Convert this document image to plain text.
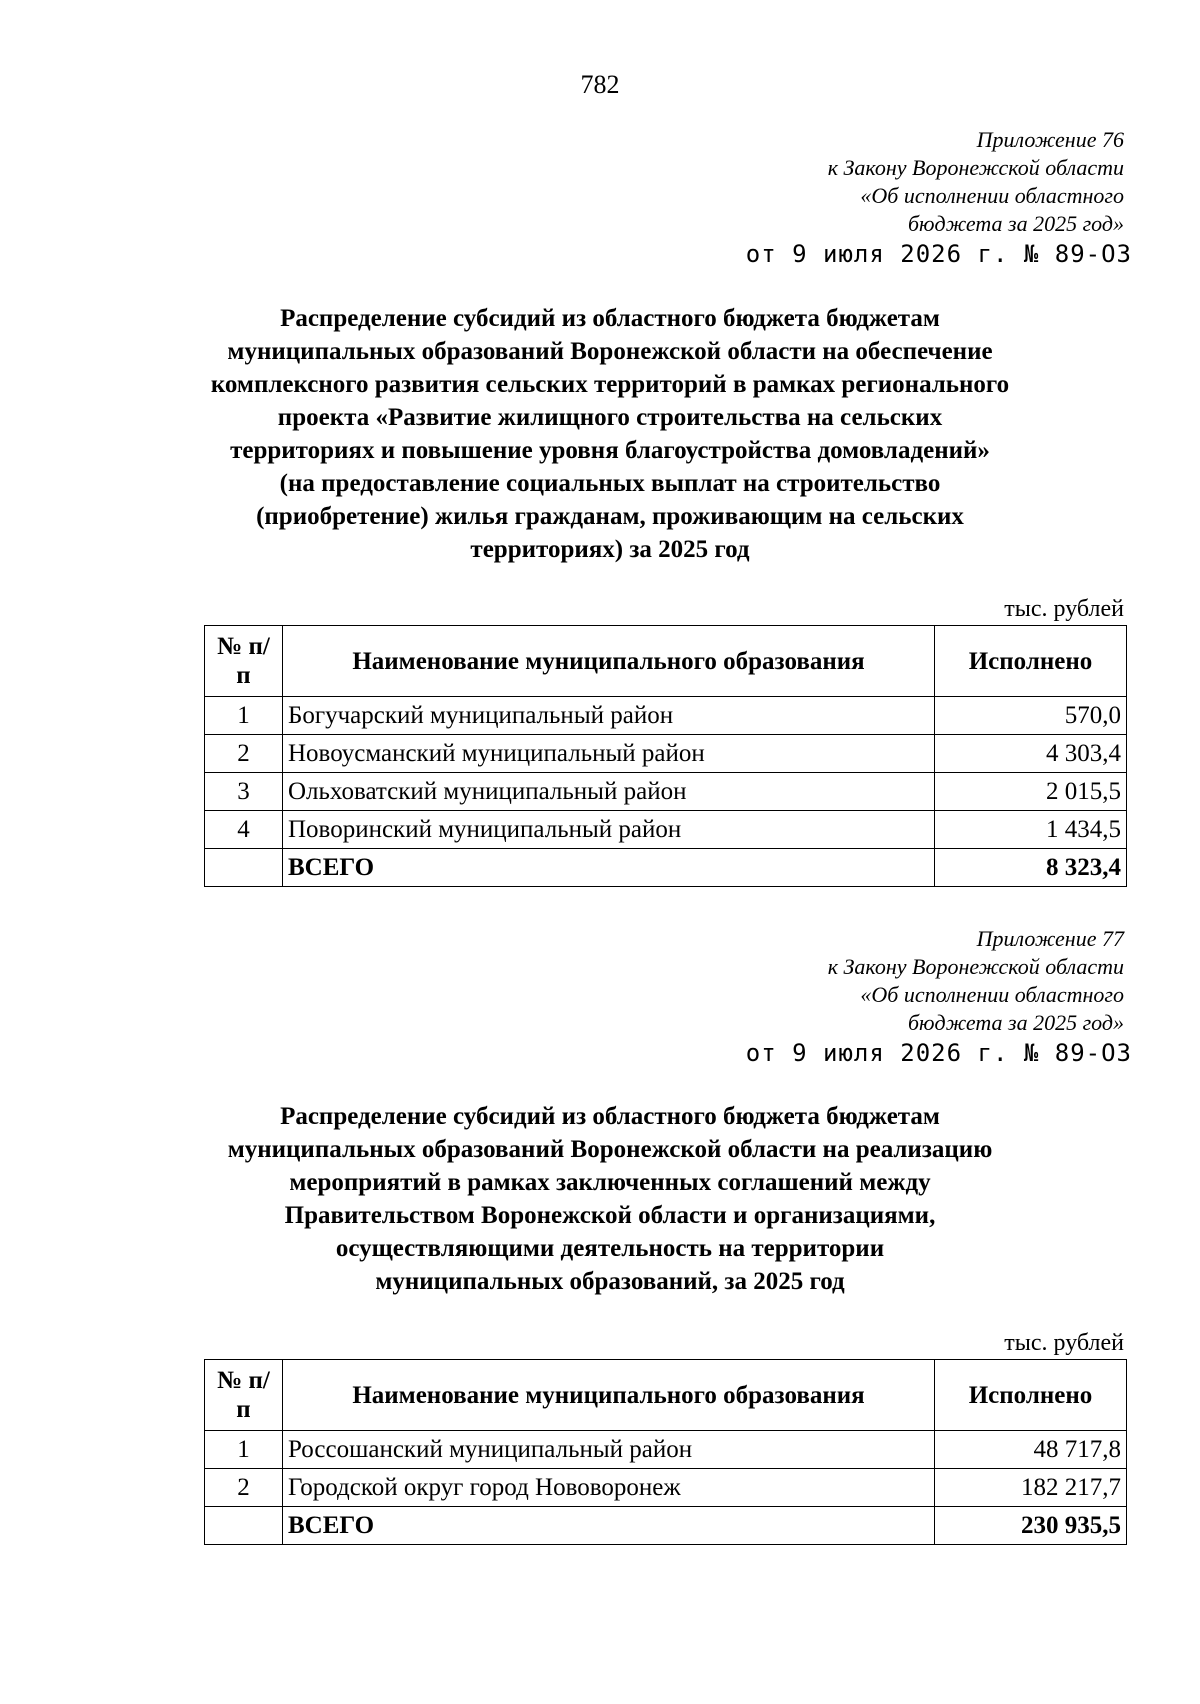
782
Приложение 76
к Закону Воронежской области
«Об исполнении областного
бюджета за 2025 год»
от 9 июля 2026 г. № 89-ОЗ
Распределение субсидий из областного бюджета бюджетам
муниципальных образований Воронежской области на обеспечение
комплексного развития сельских территорий в рамках регионального
проекта «Развитие жилищного строительства на сельских
территориях и повышение уровня благоустройства домовладений»
(на предоставление социальных выплат на строительство
(приобретение) жилья гражданам, проживающим на сельских
территориях) за 2025 год
тыс. рублей
№ п/п	Наименование муниципального образования	Исполнено
1	Богучарский муниципальный район	570,0
2	Новоусманский муниципальный район	4 303,4
3	Ольховатский муниципальный район	2 015,5
4	Поворинский муниципальный район	1 434,5
	ВСЕГО	8 323,4
Приложение 77
к Закону Воронежской области
«Об исполнении областного
бюджета за 2025 год»
от 9 июля 2026 г. № 89-ОЗ
Распределение субсидий из областного бюджета бюджетам
муниципальных образований Воронежской области на реализацию
мероприятий в рамках заключенных соглашений между
Правительством Воронежской области и организациями,
осуществляющими деятельность на территории
муниципальных образований, за 2025 год
тыс. рублей
№ п/п	Наименование муниципального образования	Исполнено
1	Россошанский муниципальный район	48 717,8
2	Городской округ город Нововоронеж	182 217,7
	ВСЕГО	230 935,5
